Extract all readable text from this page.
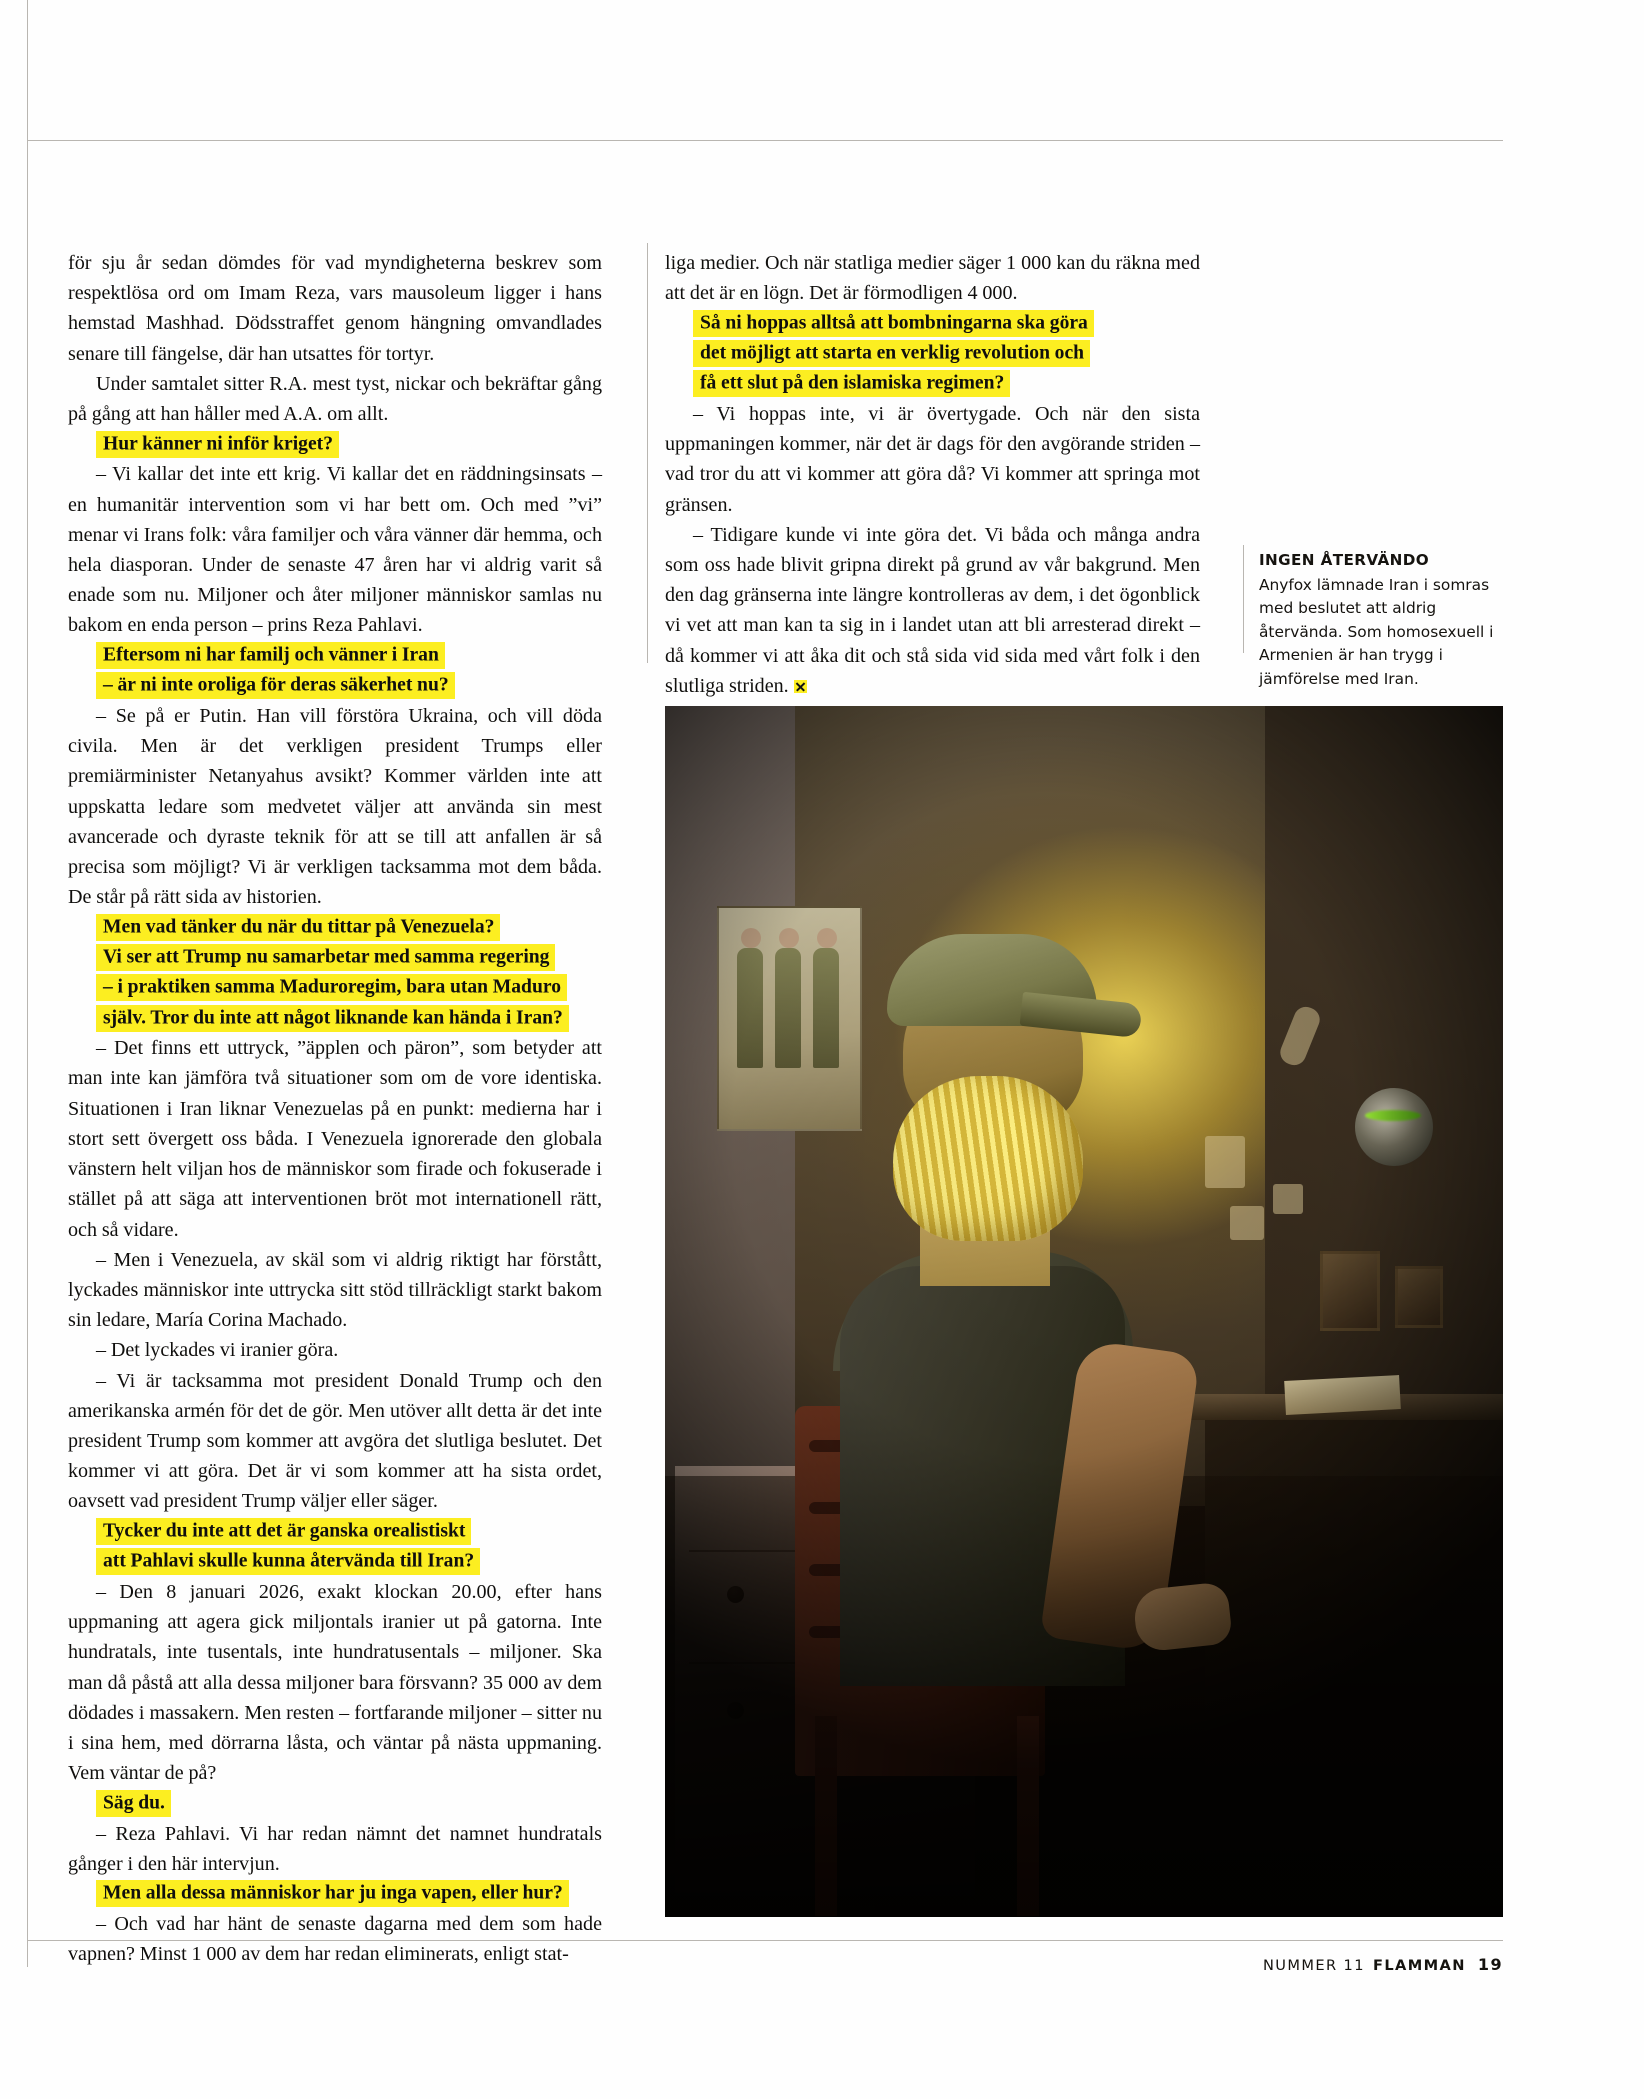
för sju år sedan dömdes för vad myndigheterna beskrev som respektlösa ord om Imam Reza, vars mausoleum ligger i hans hemstad Mashhad. Dödsstraffet genom hängning omvandlades senare till fängelse, där han utsattes för tortyr.

Under samtalet sitter R.A. mest tyst, nickar och bekräftar gång på gång att han håller med A.A. om allt.

Hur känner ni inför kriget?

– Vi kallar det inte ett krig. Vi kallar det en räddningsinsats – en humanitär intervention som vi har bett om. Och med ”vi” menar vi Irans folk: våra familjer och våra vänner där hemma, och hela diasporan. Under de senaste 47 åren har vi aldrig varit så enade som nu. Miljoner och åter miljoner människor samlas nu bakom en enda person – prins Reza Pahlavi.

Eftersom ni har familj och vänner i Iran

– är ni inte oroliga för deras säkerhet nu?

– Se på er Putin. Han vill förstöra Ukraina, och vill döda civila. Men är det verkligen president Trumps eller premiärminister Netanyahus avsikt? Kommer världen inte att uppskatta ledare som medvetet väljer att använda sin mest avancerade och dyraste teknik för att se till att anfallen är så precisa som möjligt? Vi är verkligen tacksamma mot dem båda. De står på rätt sida av historien.

Men vad tänker du när du tittar på Venezuela?

Vi ser att Trump nu samarbetar med samma regering

– i praktiken samma Maduroregim, bara utan Maduro

själv. Tror du inte att något liknande kan hända i Iran?

– Det finns ett uttryck, ”äpplen och päron”, som betyder att man inte kan jämföra två situationer som om de vore identiska. Situationen i Iran liknar Venezuelas på en punkt: medierna har i stort sett övergett oss båda. I Venezuela ignorerade den globala vänstern helt viljan hos de människor som firade och fokuserade i stället på att säga att interventionen bröt mot internationell rätt, och så vidare.

– Men i Venezuela, av skäl som vi aldrig riktigt har förstått, lyckades människor inte uttrycka sitt stöd tillräckligt starkt bakom sin ledare, María Corina Machado.

– Det lyckades vi iranier göra.

– Vi är tacksamma mot president Donald Trump och den amerikanska armén för det de gör. Men utöver allt detta är det inte president Trump som kommer att avgöra det slutliga beslutet. Det kommer vi att göra. Det är vi som kommer att ha sista ordet, oavsett vad president Trump väljer eller säger.

Tycker du inte att det är ganska orealistiskt

att Pahlavi skulle kunna återvända till Iran?

– Den 8 januari 2026, exakt klockan 20.00, efter hans uppmaning att agera gick miljontals iranier ut på gatorna. Inte hundratals, inte tusentals, inte hundratusentals – miljoner. Ska man då påstå att alla dessa miljoner bara försvann? 35 000 av dem dödades i massakern. Men resten – fortfarande miljoner – sitter nu i sina hem, med dörrarna låsta, och väntar på nästa uppmaning. Vem väntar de på?

Säg du.

– Reza Pahlavi. Vi har redan nämnt det namnet hundratals gånger i den här intervjun.

Men alla dessa människor har ju inga vapen, eller hur?

– Och vad har hänt de senaste dagarna med dem som hade vapnen? Minst 1 000 av dem har redan eliminerats, enligt stat-

liga medier. Och när statliga medier säger 1 000 kan du räkna med att det är en lögn. Det är förmodligen 4 000.

Så ni hoppas alltså att bombningarna ska göra

det möjligt att starta en verklig revolution och

få ett slut på den islamiska regimen?

– Vi hoppas inte, vi är övertygade. Och när den sista uppmaningen kommer, när det är dags för den avgörande striden – vad tror du att vi kommer att göra då? Vi kommer att springa mot gränsen.

– Tidigare kunde vi inte göra det. Vi båda och många andra som oss hade blivit gripna direkt på grund av vår bakgrund. Men den dag gränserna inte längre kontrolleras av dem, i det ögonblick vi vet att man kan ta sig in i landet utan att bli arresterad direkt – då kommer vi att åka dit och stå sida vid sida med vårt folk i den slutliga striden.

INGEN ÅTERVÄNDO
Anyfox lämnade Iran i somras med beslutet att aldrig återvända. Som homosexuell i Armenien är han trygg i jämförelse med Iran.
NUMMER 11 FLAMMAN 19
